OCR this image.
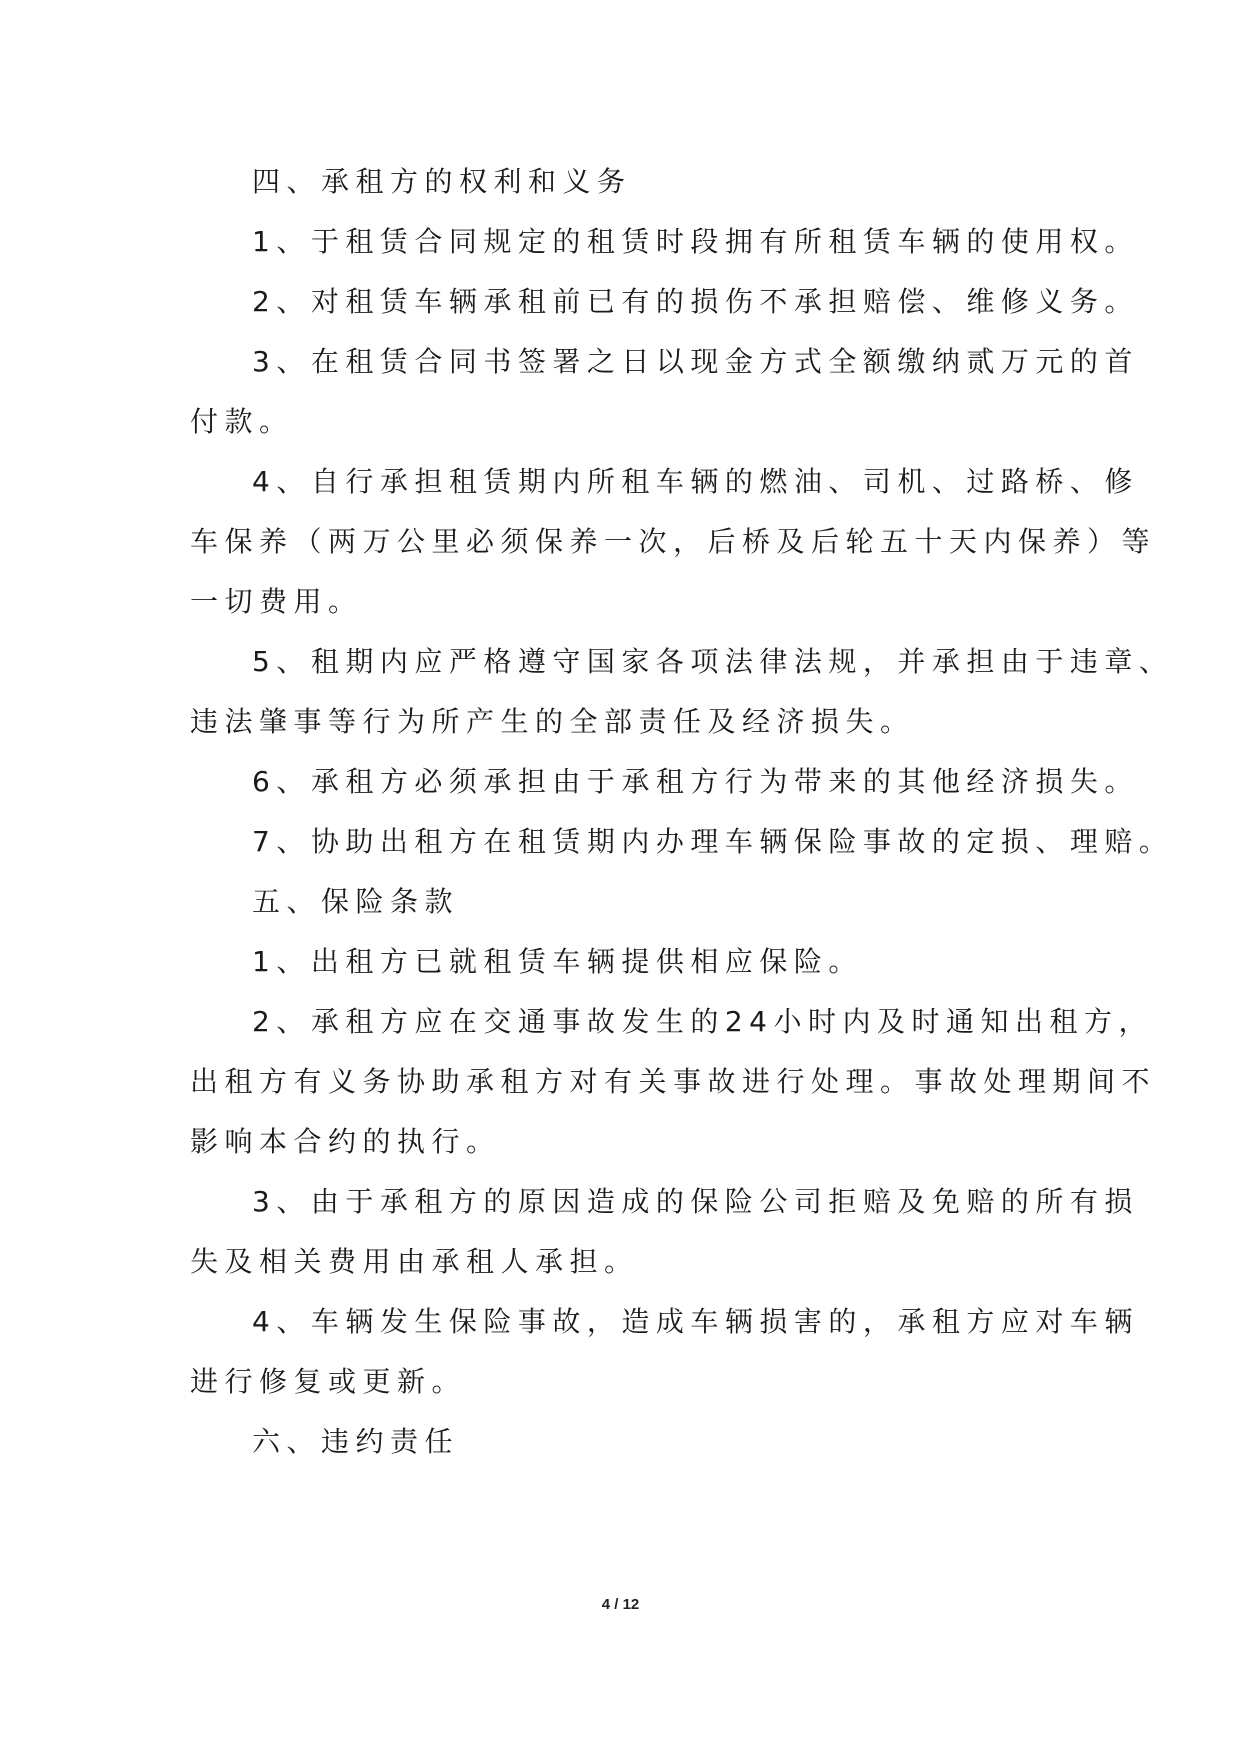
四、承租方的权利和义务
1、于租赁合同规定的租赁时段拥有所租赁车辆的使用权。
2、对租赁车辆承租前已有的损伤不承担赔偿、维修义务。
3、在租赁合同书签署之日以现金方式全额缴纳贰万元的首
付款。
4、自行承担租赁期内所租车辆的燃油、司机、过路桥、修
车保养（两万公里必须保养一次，后桥及后轮五十天内保养）等
一切费用。
5、租期内应严格遵守国家各项法律法规，并承担由于违章、
违法肇事等行为所产生的全部责任及经济损失。
6、承租方必须承担由于承租方行为带来的其他经济损失。
7、协助出租方在租赁期内办理车辆保险事故的定损、理赔。
五、保险条款
1、出租方已就租赁车辆提供相应保险。
2、承租方应在交通事故发生的24小时内及时通知出租方，
出租方有义务协助承租方对有关事故进行处理。事故处理期间不
影响本合约的执行。
3、由于承租方的原因造成的保险公司拒赔及免赔的所有损
失及相关费用由承租人承担。
4、车辆发生保险事故，造成车辆损害的，承租方应对车辆
进行修复或更新。
六、违约责任
4 / 12
